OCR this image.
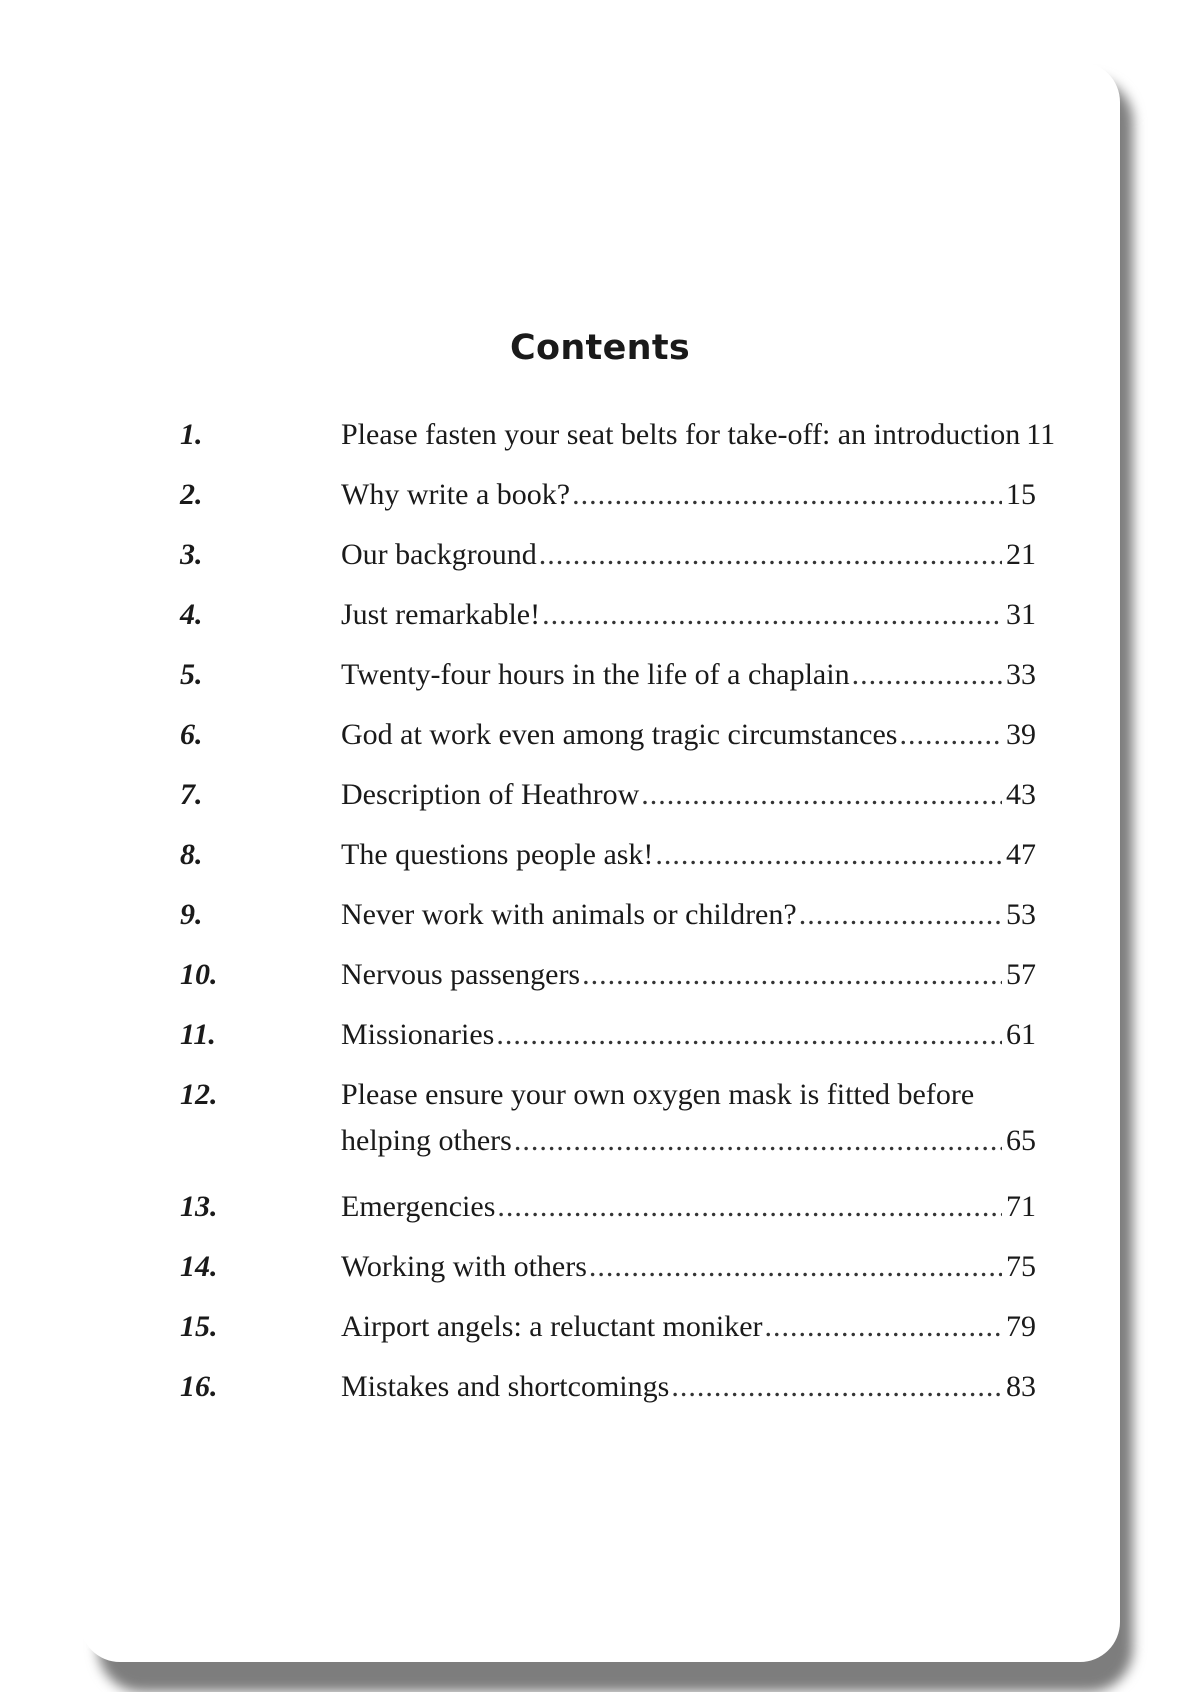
Contents
1.	Please fasten your seat belts for take-off: an introduction 11
2.	Why write a book? .....	15
3.	Our background .....	21
4.	Just remarkable! .....	31
5.	Twenty-four hours in the life of a chaplain .....	33
6.	God at work even among tragic circumstances .....	39
7.	Description of Heathrow .....	43
8.	The questions people ask! .....	47
9.	Never work with animals or children? .....	53
10.	Nervous passengers .....	57
11.	Missionaries .....	61
12.	Please ensure your own oxygen mask is fitted before
helping others .....	65
13.	Emergencies .....	71
14.	Working with others .....	75
15.	Airport angels: a reluctant moniker .....	79
16.	Mistakes and shortcomings .....	83
